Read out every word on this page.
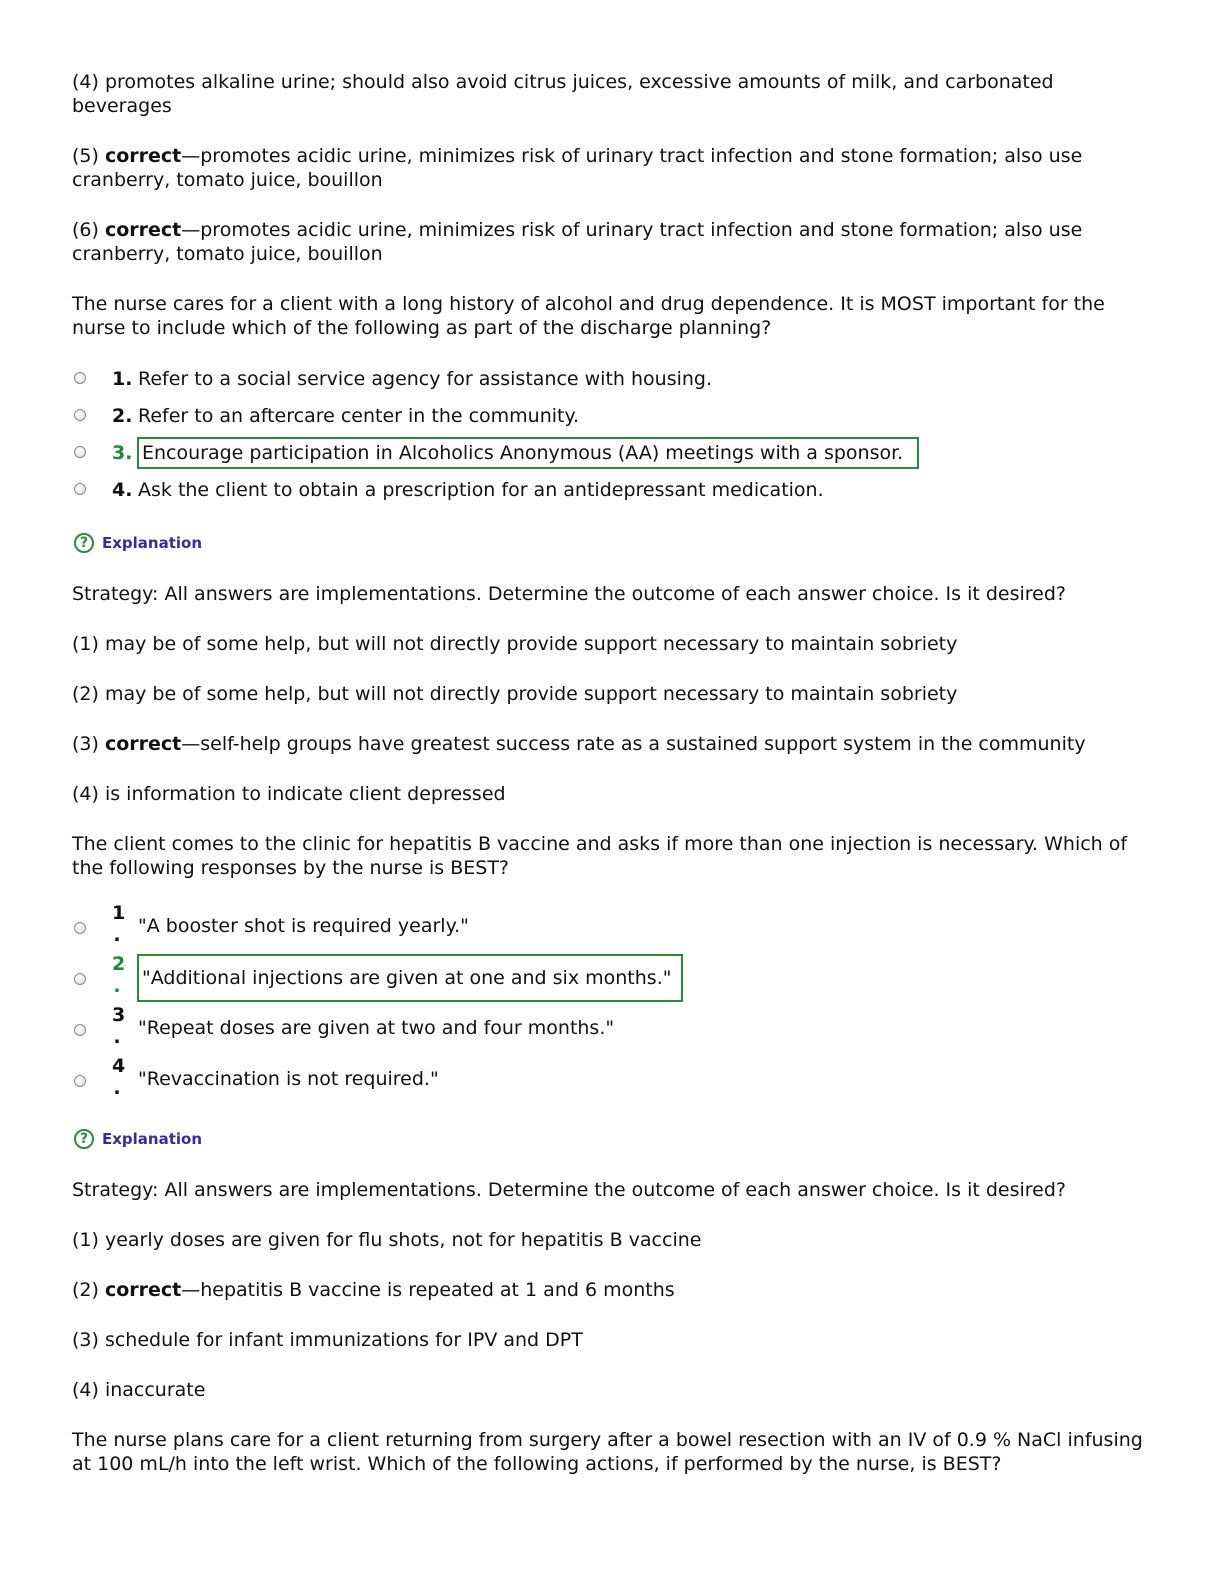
(4) promotes alkaline urine; should also avoid citrus juices, excessive amounts of milk, and carbonated beverages

(5) correct—promotes acidic urine, minimizes risk of urinary tract infection and stone formation; also use cranberry, tomato juice, bouillon

(6) correct—promotes acidic urine, minimizes risk of urinary tract infection and stone formation; also use cranberry, tomato juice, bouillon

The nurse cares for a client with a long history of alcohol and drug dependence. It is MOST important for the nurse to include which of the following as part of the discharge planning?

1. Refer to a social service agency for assistance with housing.
2. Refer to an aftercare center in the community.
3. Encourage participation in Alcoholics Anonymous (AA) meetings with a sponsor.
4. Ask the client to obtain a prescription for an antidepressant medication.
? Explanation

Strategy: All answers are implementations. Determine the outcome of each answer choice. Is it desired?

(1) may be of some help, but will not directly provide support necessary to maintain sobriety

(2) may be of some help, but will not directly provide support necessary to maintain sobriety

(3) correct—self-help groups have greatest success rate as a sustained support system in the community

(4) is information to indicate client depressed

The client comes to the clinic for hepatitis B vaccine and asks if more than one injection is necessary. Which of the following responses by the nurse is BEST?

1
. "A booster shot is required yearly."
2
. "Additional injections are given at one and six months."
3
. "Repeat doses are given at two and four months."
4
. "Revaccination is not required."
? Explanation

Strategy: All answers are implementations. Determine the outcome of each answer choice. Is it desired?

(1) yearly doses are given for flu shots, not for hepatitis B vaccine

(2) correct—hepatitis B vaccine is repeated at 1 and 6 months

(3) schedule for infant immunizations for IPV and DPT

(4) inaccurate

The nurse plans care for a client returning from surgery after a bowel resection with an IV of 0.9 % NaCl infusing at 100 mL/h into the left wrist. Which of the following actions, if performed by the nurse, is BEST?
